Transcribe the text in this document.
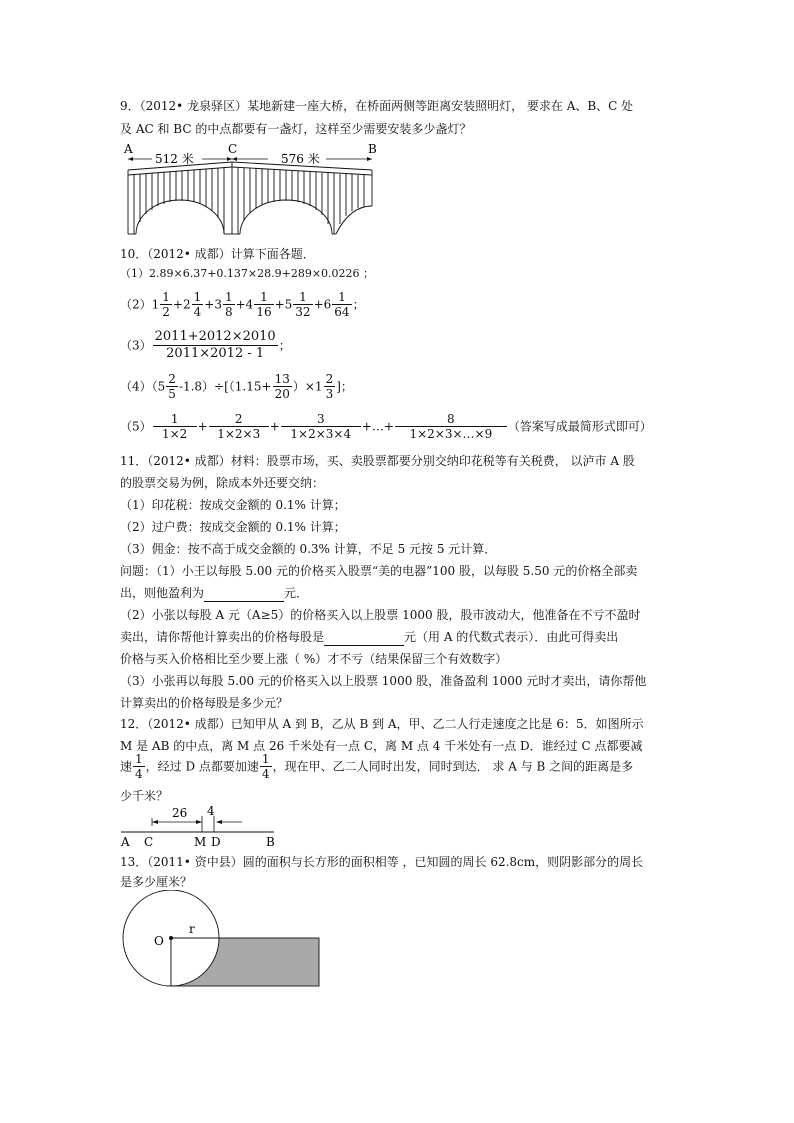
9．（2012• 龙泉驿区）某地新建一座大桥，在桥面两侧等距离安装照明灯， 要求在 A、B、C 处
及 AC 和 BC 的中点都要有一盏灯，这样至少需要安装多少盏灯？
A	C	B
512 米	576 米
10．（2012• 成都）计算下面各题．
（1）2.89×6.37+0.137×28.9+289×0.0226 ；
$(2)1 \frac{1}{2} +2 \frac{1}{4} +3 \frac{1}{8} +4 \frac{1}{16} +5 \frac{1}{32} +6 \frac{1}{64}$ ；
$(3) \frac{2011+2012\times 2010}{2011\times 2012 - 1}$ ；
$(4)(5 \frac{2}{5} -1.8)\div[(1.15+ \frac{13}{20} )\times 1 \frac{2}{3}$ ]；
$(5) \frac{1}{1\times 2} + \frac{2}{1\times 2\times 3} + \frac{3}{1\times 2\times 3\times 4}$ +…+ $\frac{8}{1\times 2\times 3\times\dots\times 9}$ （答案写成最简形式即可）
11．（2012• 成都）材料：股票市场，买、卖股票都要分别交纳印花税等有关税费， 以泸市 A 股
的股票交易为例，除成本外还要交纳：
（1）印花税：按成交金额的 0.1% 计算；
（2）过户费：按成交金额的 0.1% 计算；
（3）佣金：按不高于成交金额的 0.3% 计算，不足 5 元按 5 元计算．
问题：（1）小王以每股 5.00 元的价格买入股票“美的电器”100 股，以每股 5.50 元的价格全部卖
出，则他盈利为	元．
（2）小张以每股 A 元（A≥5）的价格买入以上股票 1000 股，股市波动大，他准备在不亏不盈时
卖出，请你帮他计算卖出的价格每股是	元（用 A 的代数式表示）．由此可得卖出
价格与买入价格相比至少要上涨（ %）才不亏（结果保留三个有效数字）
（3）小张再以每股 5.00 元的价格买入以上股票 1000 股，准备盈利 1000 元时才卖出，请你帮他
计算卖出的价格每股是多少元？
12．（2012• 成都）已知甲从 A 到 B，乙从 B 到 A，甲、乙二人行走速度之比是 6：5．如图所示
M 是 AB 的中点，离 M 点 26 千米处有一点 C，离 M 点 4 千米处有一点 D．谁经过 C 点都要减
速 $\frac{1}{4}$ ，经过 D 点都要加速 $\frac{1}{4}$ ，现在甲、乙二人同时出发，同时到达． 求 A 与 B 之间的距离是多
少千米？
26 4
A C	M D	B
13．（2011• 资中县）圆的面积与长方形的面积相等 ，已知圆的周长 62.8cm，则阴影部分的周长
是多少厘米？
O
r
